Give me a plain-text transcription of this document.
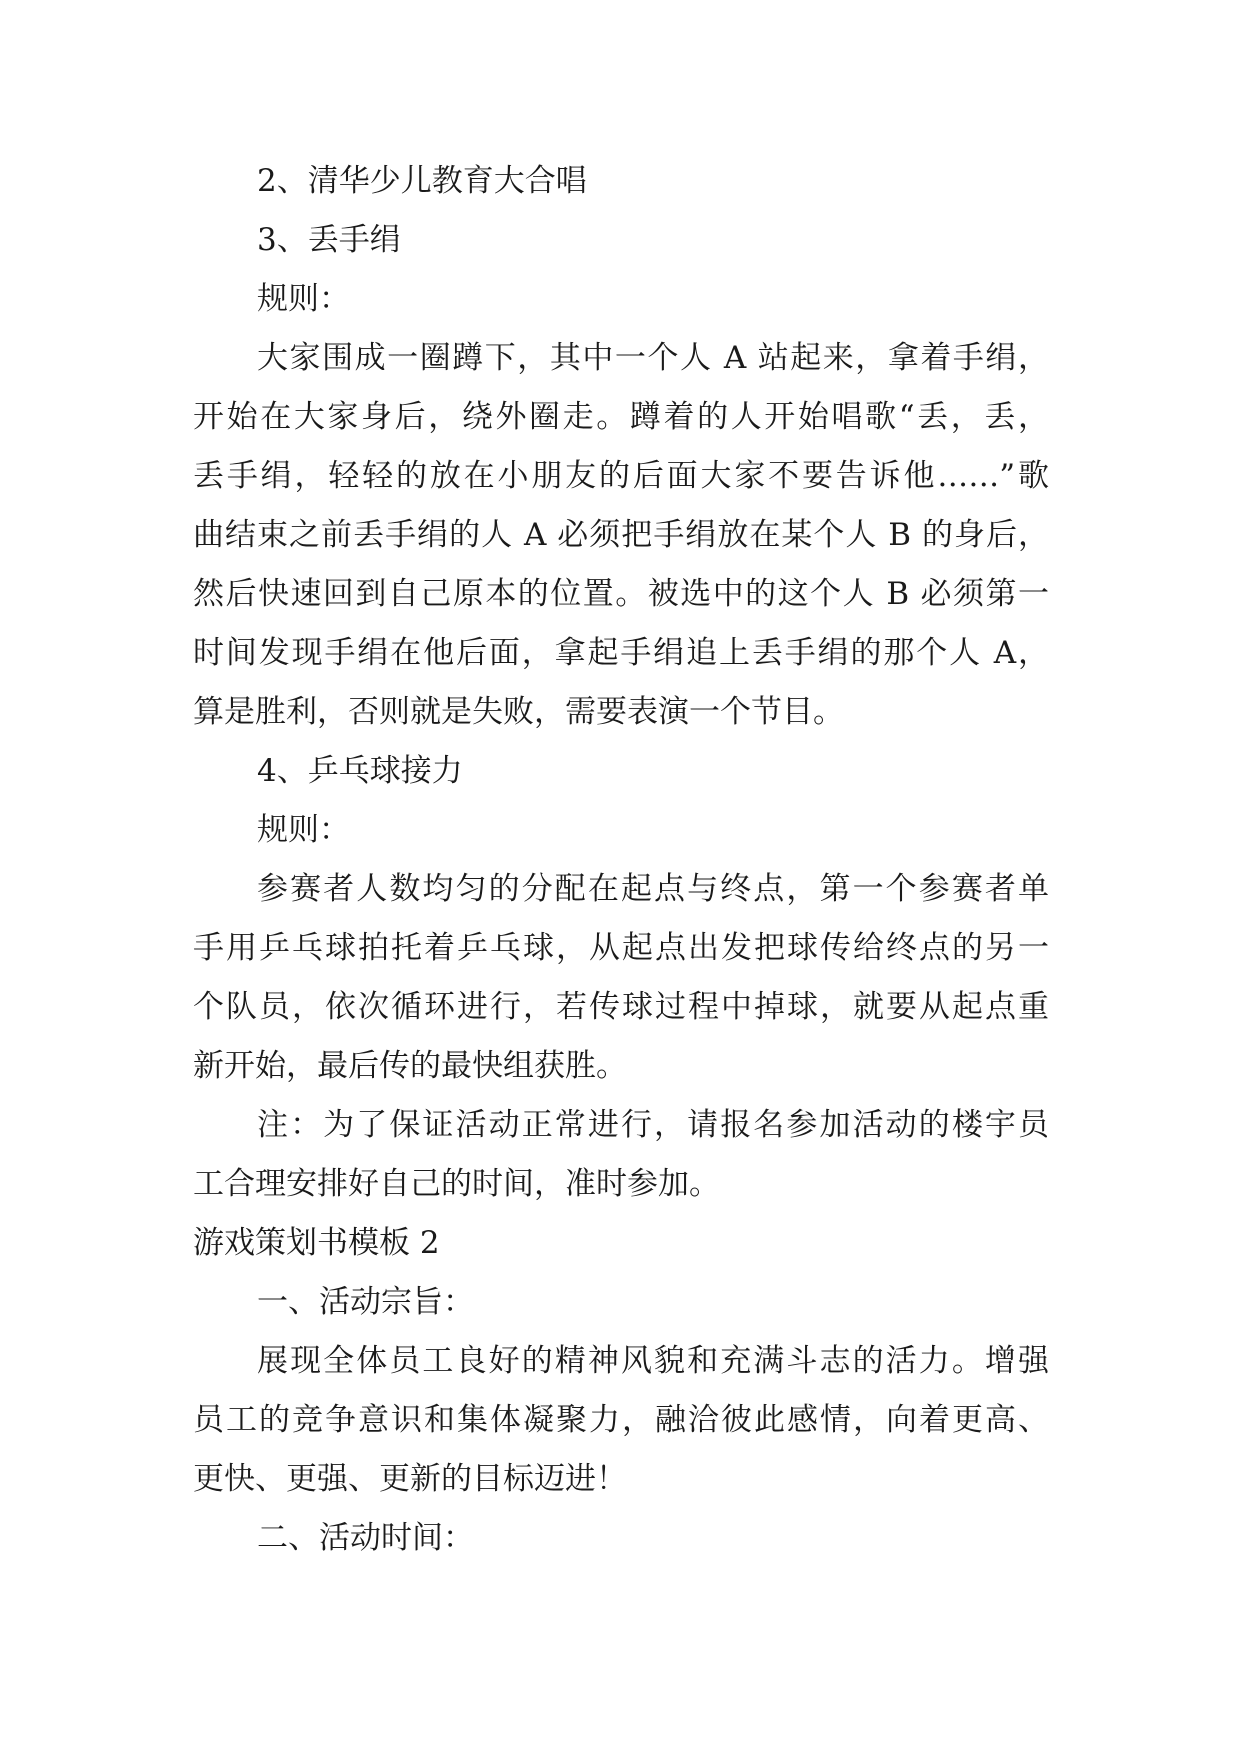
2、清华少儿教育大合唱
3、丢手绢
规则：
大家围成一圈蹲下，其中一个人 A 站起来，拿着手绢，
开始在大家身后，绕外圈走。蹲着的人开始唱歌“丢，丢，
丢手绢，轻轻的放在小朋友的后面大家不要告诉他……”歌
曲结束之前丢手绢的人 A 必须把手绢放在某个人 B 的身后，
然后快速回到自己原本的位置。被选中的这个人 B 必须第一
时间发现手绢在他后面，拿起手绢追上丢手绢的那个人 A，
算是胜利，否则就是失败，需要表演一个节目。
4、乒乓球接力
规则：
参赛者人数均匀的分配在起点与终点，第一个参赛者单
手用乒乓球拍托着乒乓球，从起点出发把球传给终点的另一
个队员，依次循环进行，若传球过程中掉球，就要从起点重
新开始，最后传的最快组获胜。
注：为了保证活动正常进行，请报名参加活动的楼宇员
工合理安排好自己的时间，准时参加。
游戏策划书模板 2
一、活动宗旨：
展现全体员工良好的精神风貌和充满斗志的活力。增强
员工的竞争意识和集体凝聚力，融洽彼此感情，向着更高、
更快、更强、更新的目标迈进！
二、活动时间：
